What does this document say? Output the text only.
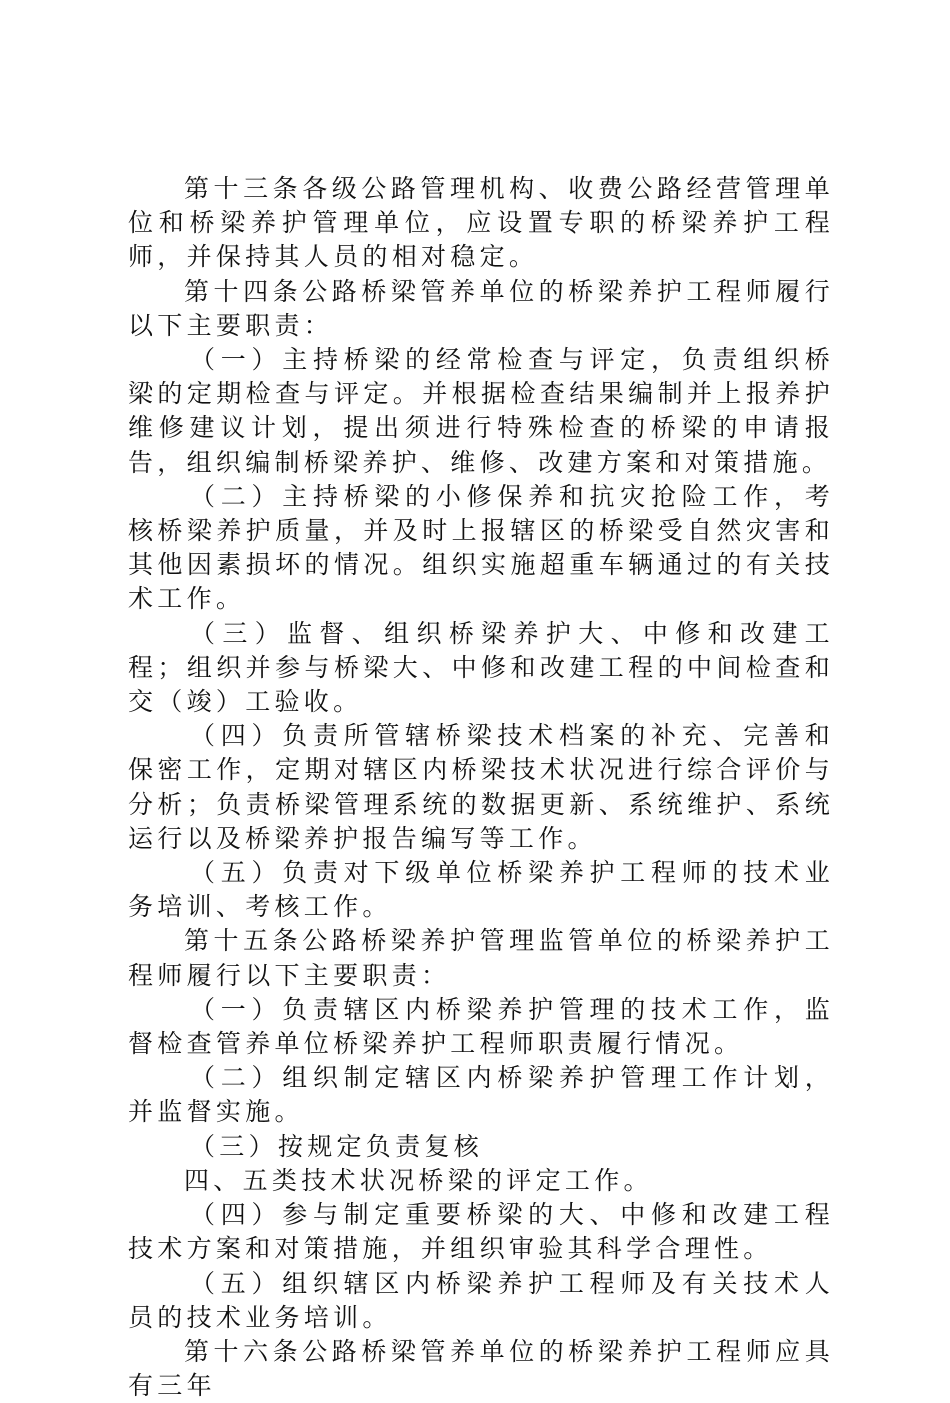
第十三条各级公路管理机构、收费公路经营管理单位和桥梁养护管理单位，应设置专职的桥梁养护工程师，并保持其人员的相对稳定。

第十四条公路桥梁管养单位的桥梁养护工程师履行以下主要职责：

（一）主持桥梁的经常检查与评定，负责组织桥梁的定期检查与评定。并根据检查结果编制并上报养护维修建议计划，提出须进行特殊检查的桥梁的申请报告，组织编制桥梁养护、维修、改建方案和对策措施。

（二）主持桥梁的小修保养和抗灾抢险工作，考核桥梁养护质量，并及时上报辖区的桥梁受自然灾害和其他因素损坏的情况。组织实施超重车辆通过的有关技术工作。

（三）监督、组织桥梁养护大、中修和改建工程；组织并参与桥梁大、中修和改建工程的中间检查和交（竣）工验收。

（四）负责所管辖桥梁技术档案的补充、完善和保密工作，定期对辖区内桥梁技术状况进行综合评价与分析；负责桥梁管理系统的数据更新、系统维护、系统运行以及桥梁养护报告编写等工作。

（五）负责对下级单位桥梁养护工程师的技术业务培训、考核工作。

第十五条公路桥梁养护管理监管单位的桥梁养护工程师履行以下主要职责：

（一）负责辖区内桥梁养护管理的技术工作，监督检查管养单位桥梁养护工程师职责履行情况。

（二）组织制定辖区内桥梁养护管理工作计划，并监督实施。

（三）按规定负责复核

四、五类技术状况桥梁的评定工作。

（四）参与制定重要桥梁的大、中修和改建工程技术方案和对策措施，并组织审验其科学合理性。

（五）组织辖区内桥梁养护工程师及有关技术人员的技术业务培训。

第十六条公路桥梁管养单位的桥梁养护工程师应具有三年
